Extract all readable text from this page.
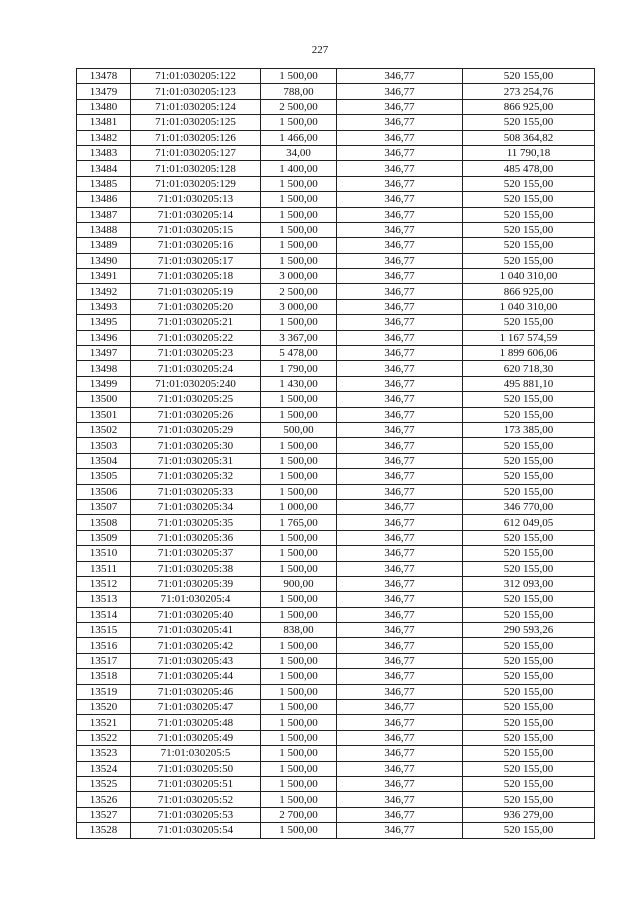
227
13478	71:01:030205:122	1 500,00	346,77	520 155,00
13479	71:01:030205:123	788,00	346,77	273 254,76
13480	71:01:030205:124	2 500,00	346,77	866 925,00
13481	71:01:030205:125	1 500,00	346,77	520 155,00
13482	71:01:030205:126	1 466,00	346,77	508 364,82
13483	71:01:030205:127	34,00	346,77	11 790,18
13484	71:01:030205:128	1 400,00	346,77	485 478,00
13485	71:01:030205:129	1 500,00	346,77	520 155,00
13486	71:01:030205:13	1 500,00	346,77	520 155,00
13487	71:01:030205:14	1 500,00	346,77	520 155,00
13488	71:01:030205:15	1 500,00	346,77	520 155,00
13489	71:01:030205:16	1 500,00	346,77	520 155,00
13490	71:01:030205:17	1 500,00	346,77	520 155,00
13491	71:01:030205:18	3 000,00	346,77	1 040 310,00
13492	71:01:030205:19	2 500,00	346,77	866 925,00
13493	71:01:030205:20	3 000,00	346,77	1 040 310,00
13495	71:01:030205:21	1 500,00	346,77	520 155,00
13496	71:01:030205:22	3 367,00	346,77	1 167 574,59
13497	71:01:030205:23	5 478,00	346,77	1 899 606,06
13498	71:01:030205:24	1 790,00	346,77	620 718,30
13499	71:01:030205:240	1 430,00	346,77	495 881,10
13500	71:01:030205:25	1 500,00	346,77	520 155,00
13501	71:01:030205:26	1 500,00	346,77	520 155,00
13502	71:01:030205:29	500,00	346,77	173 385,00
13503	71:01:030205:30	1 500,00	346,77	520 155,00
13504	71:01:030205:31	1 500,00	346,77	520 155,00
13505	71:01:030205:32	1 500,00	346,77	520 155,00
13506	71:01:030205:33	1 500,00	346,77	520 155,00
13507	71:01:030205:34	1 000,00	346,77	346 770,00
13508	71:01:030205:35	1 765,00	346,77	612 049,05
13509	71:01:030205:36	1 500,00	346,77	520 155,00
13510	71:01:030205:37	1 500,00	346,77	520 155,00
13511	71:01:030205:38	1 500,00	346,77	520 155,00
13512	71:01:030205:39	900,00	346,77	312 093,00
13513	71:01:030205:4	1 500,00	346,77	520 155,00
13514	71:01:030205:40	1 500,00	346,77	520 155,00
13515	71:01:030205:41	838,00	346,77	290 593,26
13516	71:01:030205:42	1 500,00	346,77	520 155,00
13517	71:01:030205:43	1 500,00	346,77	520 155,00
13518	71:01:030205:44	1 500,00	346,77	520 155,00
13519	71:01:030205:46	1 500,00	346,77	520 155,00
13520	71:01:030205:47	1 500,00	346,77	520 155,00
13521	71:01:030205:48	1 500,00	346,77	520 155,00
13522	71:01:030205:49	1 500,00	346,77	520 155,00
13523	71:01:030205:5	1 500,00	346,77	520 155,00
13524	71:01:030205:50	1 500,00	346,77	520 155,00
13525	71:01:030205:51	1 500,00	346,77	520 155,00
13526	71:01:030205:52	1 500,00	346,77	520 155,00
13527	71:01:030205:53	2 700,00	346,77	936 279,00
13528	71:01:030205:54	1 500,00	346,77	520 155,00
